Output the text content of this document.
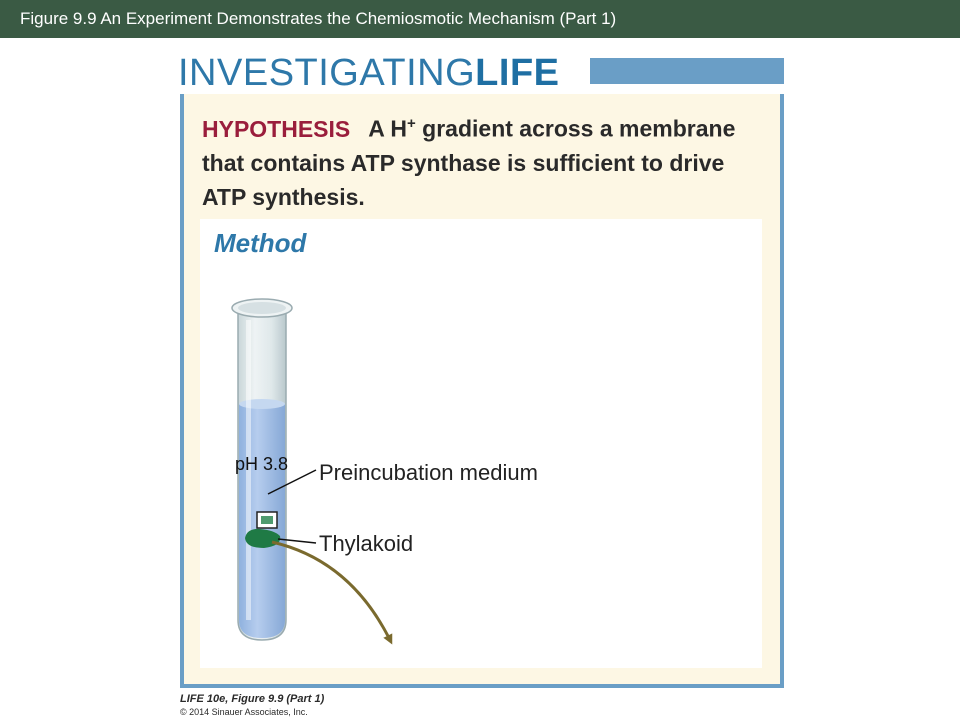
Figure 9.9 An Experiment Demonstrates the Chemiosmotic Mechanism (Part 1)
INVESTIGATINGLIFE
HYPOTHESIS A H+ gradient across a membrane that contains ATP synthase is sufficient to drive ATP synthesis.
Method
pH 3.8 Preincubation medium
Thylakoid
LIFE 10e, Figure 9.9 (Part 1)
© 2014 Sinauer Associates, Inc.
